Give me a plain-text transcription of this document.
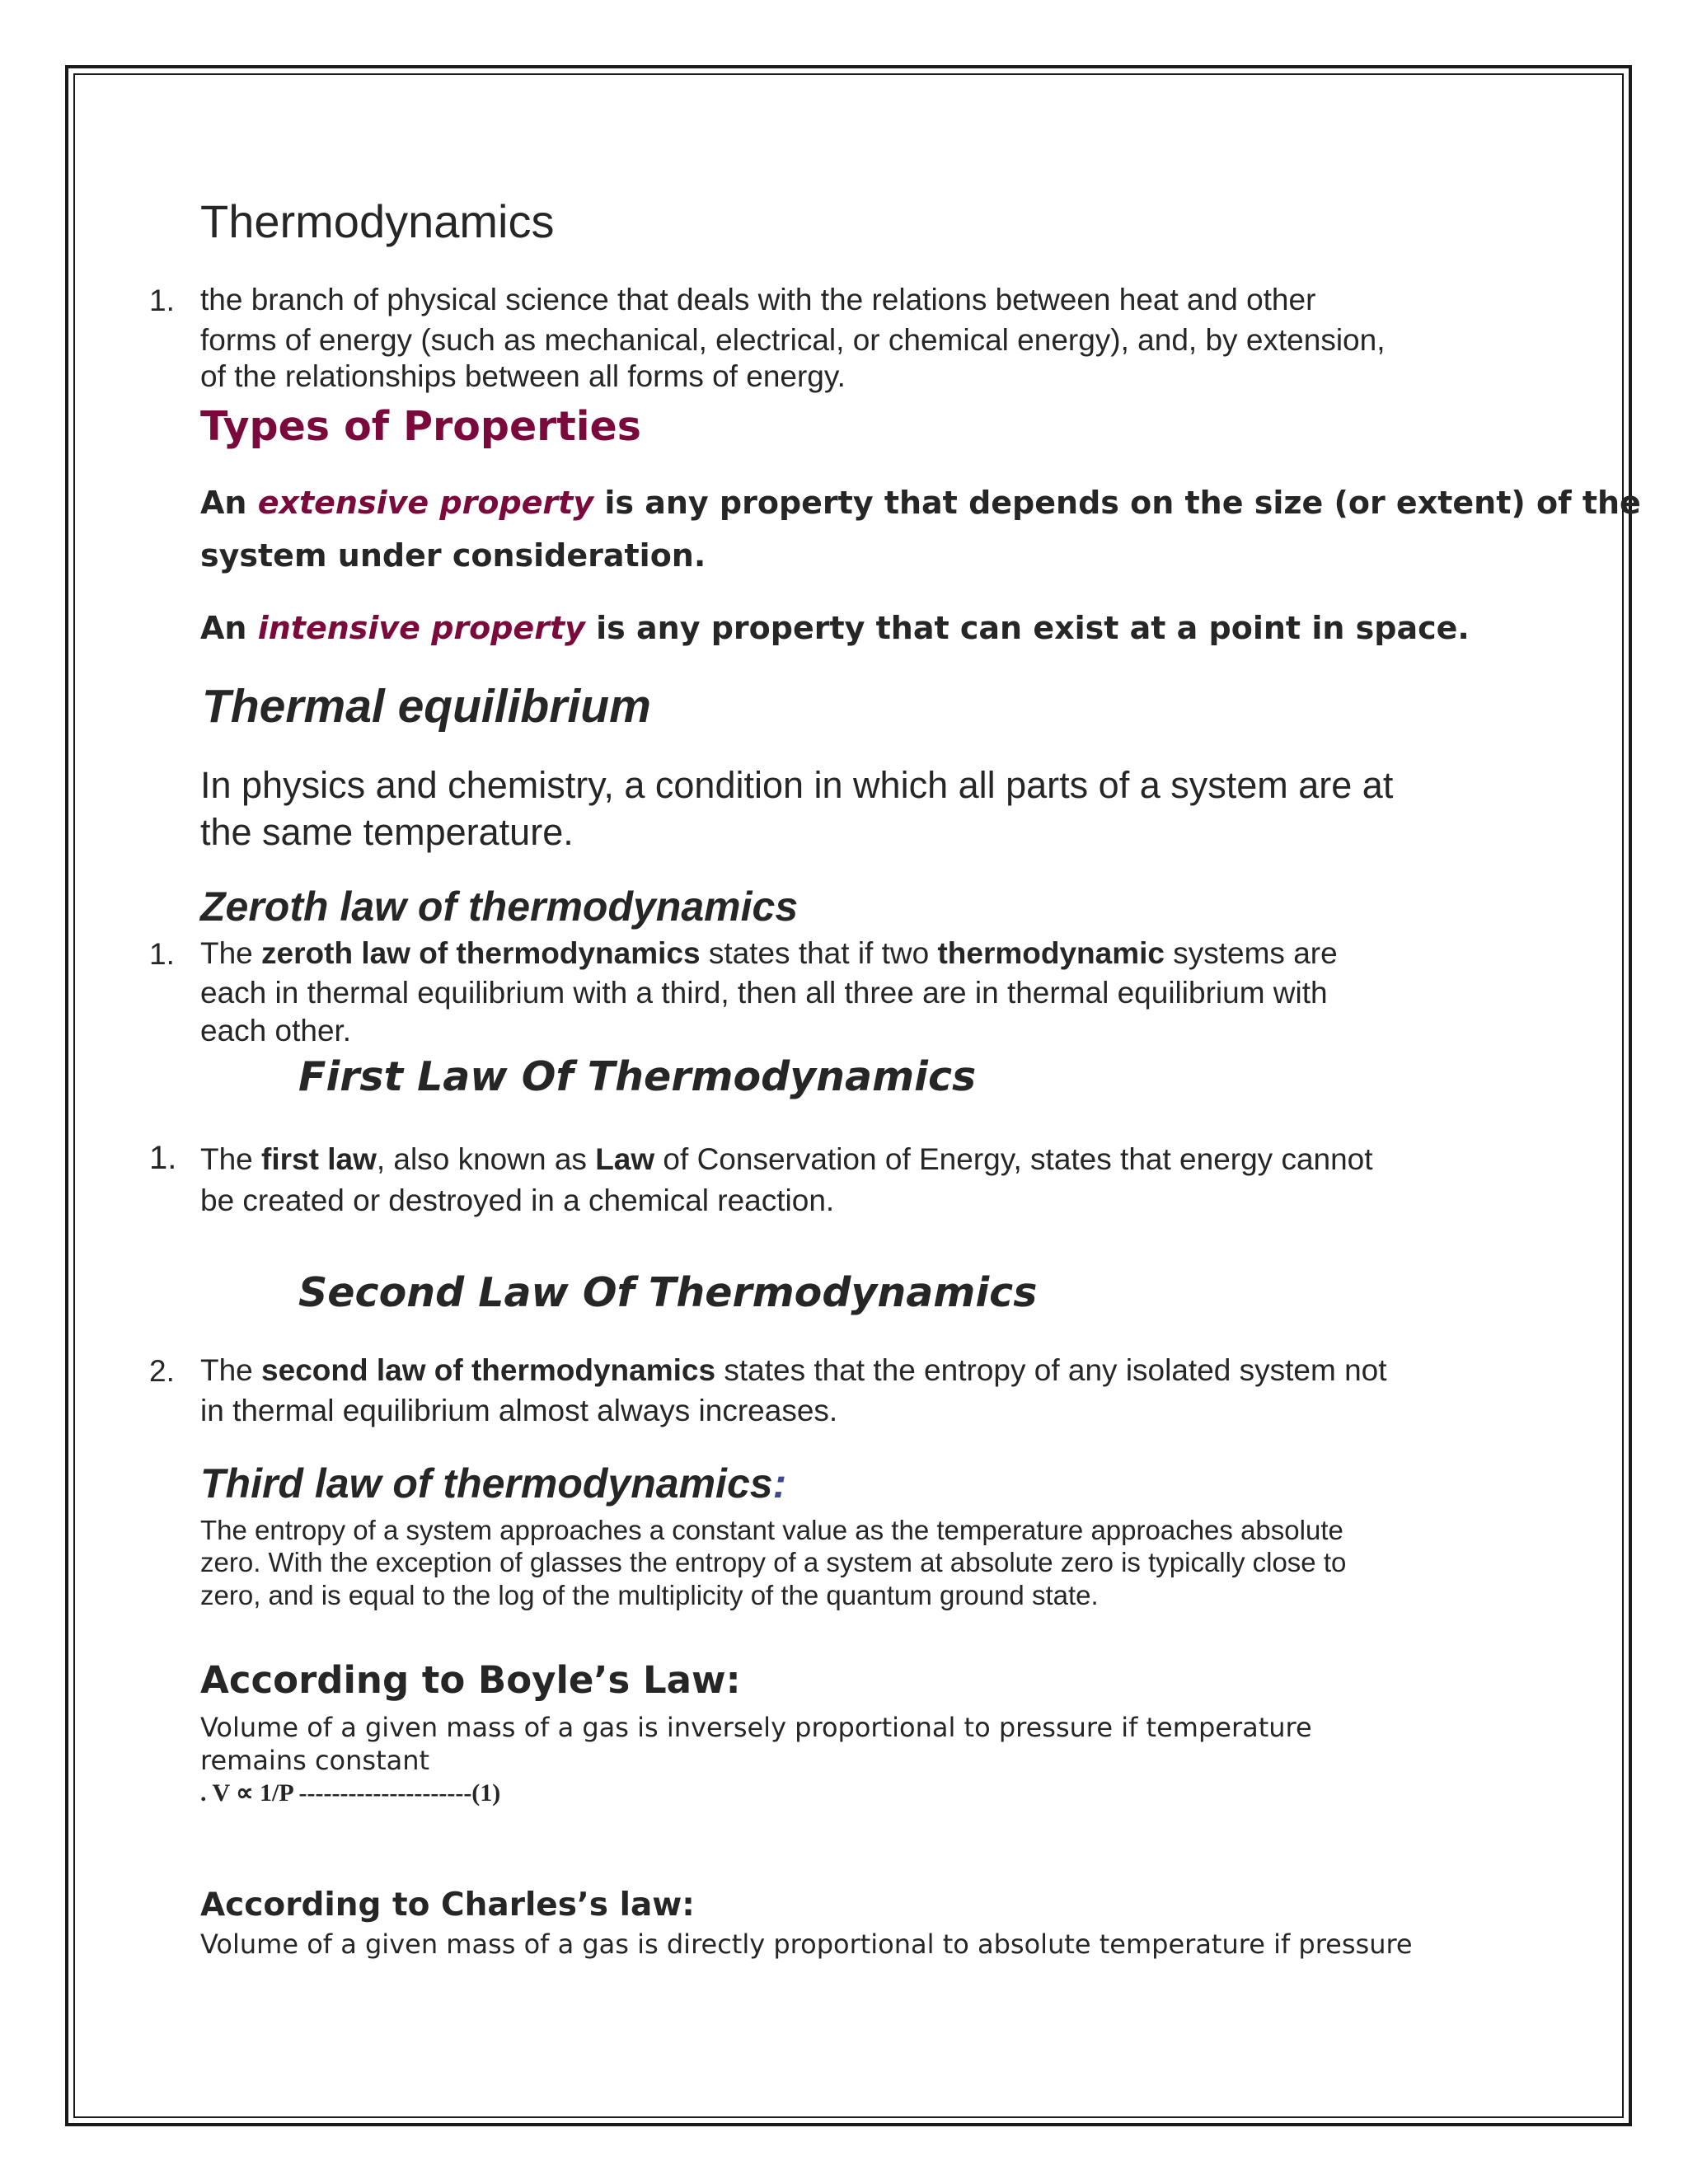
Thermodynamics
1. the branch of physical science that deals with the relations between heat and other
forms of energy (such as mechanical, electrical, or chemical energy), and, by extension,
of the relationships between all forms of energy.
Types of Properties
An extensive property is any property that depends on the size (or extent) of the
system under consideration.
An intensive property is any property that can exist at a point in space.
Thermal equilibrium
In physics and chemistry, a condition in which all parts of a system are at
the same temperature.
Zeroth law of thermodynamics
1. The zeroth law of thermodynamics states that if two thermodynamic systems are
each in thermal equilibrium with a third, then all three are in thermal equilibrium with
each other.
First Law Of Thermodynamics
1. The first law, also known as Law of Conservation of Energy, states that energy cannot
be created or destroyed in a chemical reaction.
Second Law Of Thermodynamics
2. The second law of thermodynamics states that the entropy of any isolated system not
in thermal equilibrium almost always increases.
Third law of thermodynamics:
The entropy of a system approaches a constant value as the temperature approaches absolute
zero. With the exception of glasses the entropy of a system at absolute zero is typically close to
zero, and is equal to the log of the multiplicity of the quantum ground state.
According to Boyle’s Law:
Volume of a given mass of a gas is inversely proportional to pressure if temperature
remains constant
. V ∝ 1/P ---------------------(1)
According to Charles’s law:
Volume of a given mass of a gas is directly proportional to absolute temperature if pressure
